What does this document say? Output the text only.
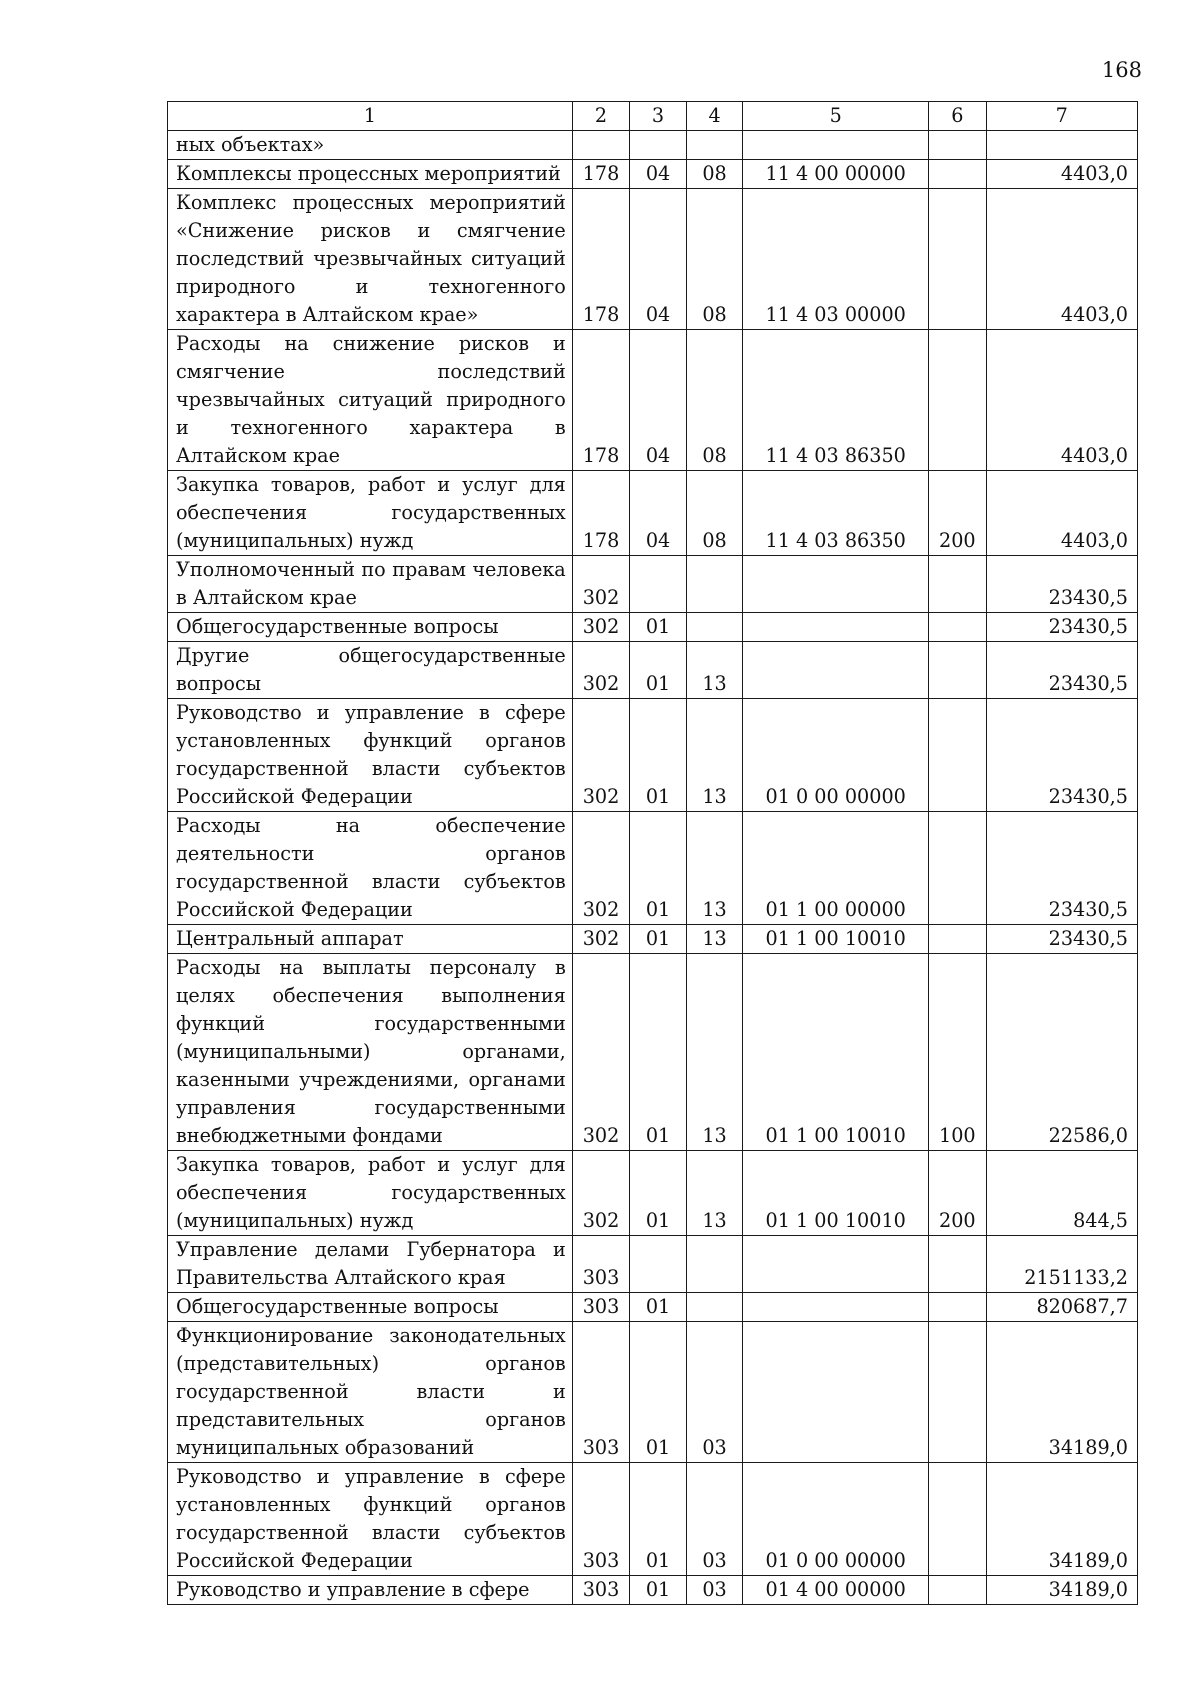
168
1	2	3	4	5	6	7
ных объектах»						
Комплексы процессных мероприятий	178	04	08	11 4 00 00000		4403,0
Комплекс процессных мероприятий «Снижение рисков и смягчение последствий чрезвычайных ситуаций природного и техногенного характера в Алтайском крае»	178	04	08	11 4 03 00000		4403,0
Расходы на снижение рисков и смягчение последствий чрезвычайных ситуаций природного и техногенного характера в Алтайском крае	178	04	08	11 4 03 86350		4403,0
Закупка товаров, работ и услуг для обеспечения государственных (муниципальных) нужд	178	04	08	11 4 03 86350	200	4403,0
Уполномоченный по правам человека в Алтайском крае	302					23430,5
Общегосударственные вопросы	302	01				23430,5
Другие общегосударственные вопросы	302	01	13			23430,5
Руководство и управление в сфере установленных функций органов государственной власти субъектов Российской Федерации	302	01	13	01 0 00 00000		23430,5
Расходы на обеспечение деятельности органов государственной власти субъектов Российской Федерации	302	01	13	01 1 00 00000		23430,5
Центральный аппарат	302	01	13	01 1 00 10010		23430,5
Расходы на выплаты персоналу в целях обеспечения выполнения функций государственными (муниципальными) органами, казенными учреждениями, органами управления государственными внебюджетными фондами	302	01	13	01 1 00 10010	100	22586,0
Закупка товаров, работ и услуг для обеспечения государственных (муниципальных) нужд	302	01	13	01 1 00 10010	200	844,5
Управление делами Губернатора и Правительства Алтайского края	303					2151133,2
Общегосударственные вопросы	303	01				820687,7
Функционирование законодательных (представительных) органов государственной власти и представительных органов муниципальных образований	303	01	03			34189,0
Руководство и управление в сфере установленных функций органов государственной власти субъектов Российской Федерации	303	01	03	01 0 00 00000		34189,0
Руководство и управление в сфере	303	01	03	01 4 00 00000		34189,0
